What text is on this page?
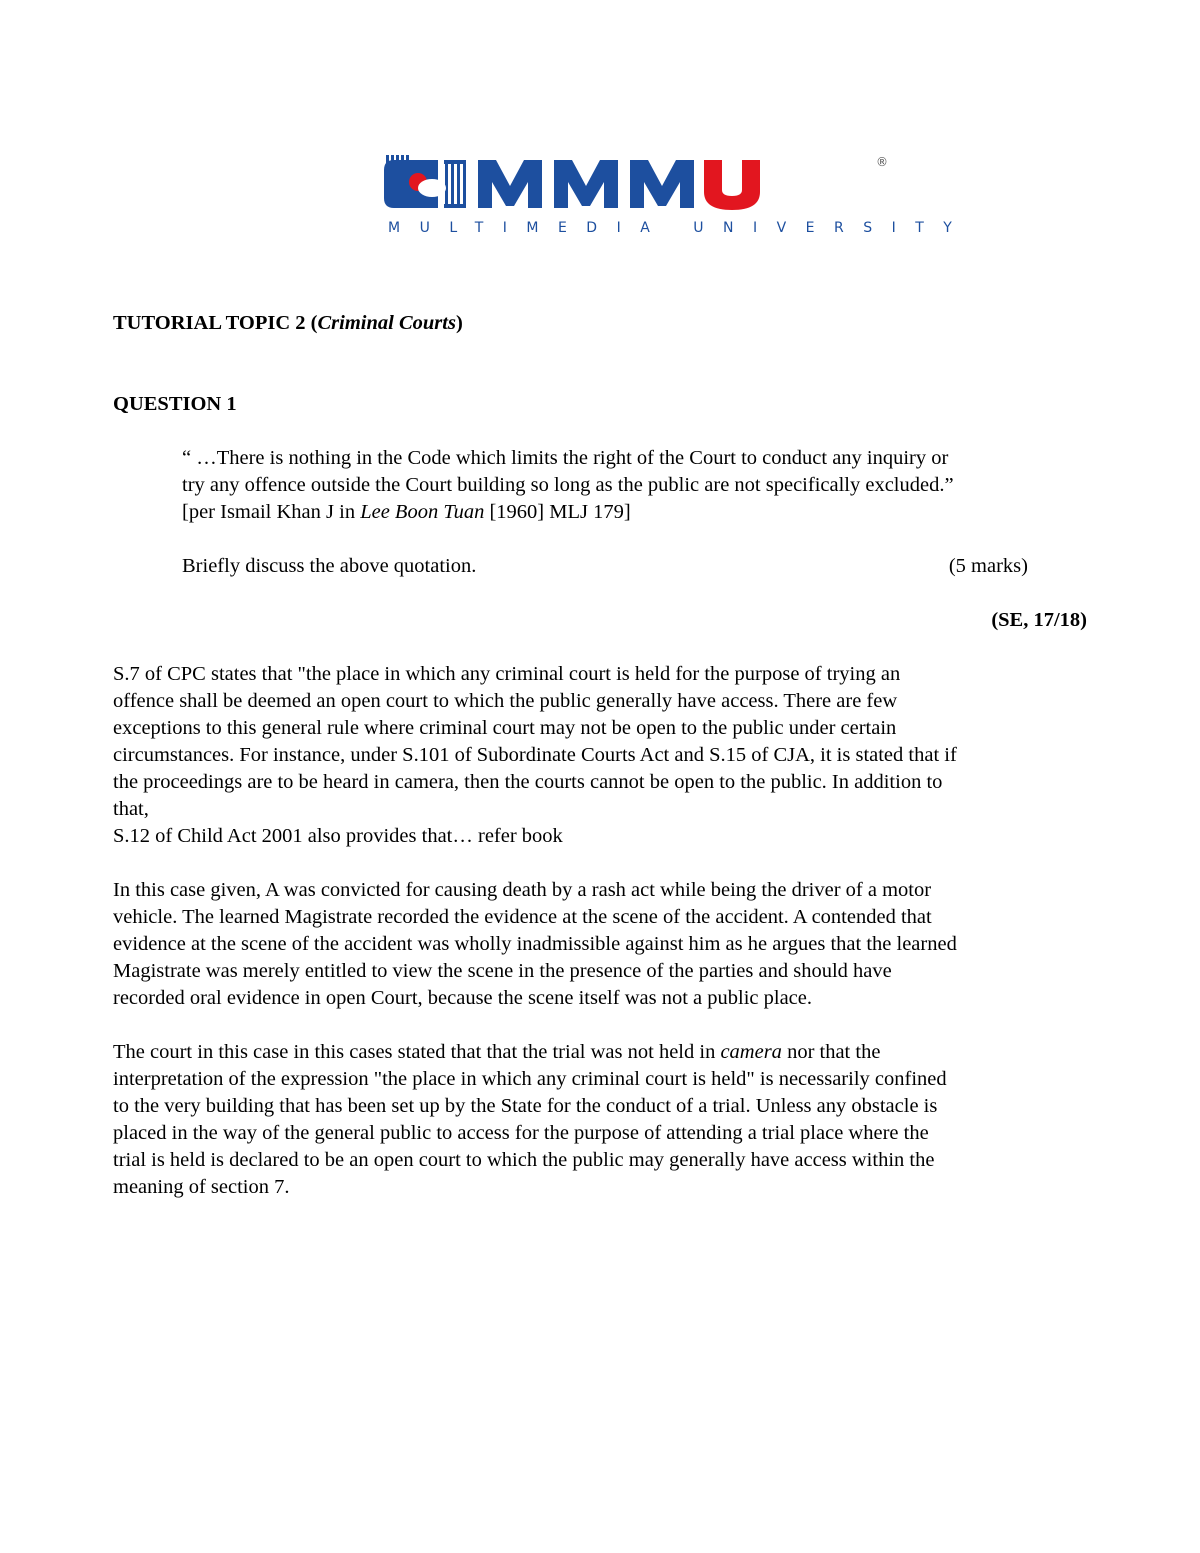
®
MULTIMEDIA UNIVERSITY

TUTORIAL TOPIC 2 (Criminal Courts)

QUESTION 1

“ …There is nothing in the Code which limits the right of the Court to conduct any inquiry or

try any offence outside the Court building so long as the public are not specifically excluded.”

[per Ismail Khan J in Lee Boon Tuan [1960] MLJ 179]

Briefly discuss the above quotation.	(5 marks)
(SE, 17/18)

S.7 of CPC states that "the place in which any criminal court is held for the purpose of trying an

offence shall be deemed an open court to which the public generally have access. There are few

exceptions to this general rule where criminal court may not be open to the public under certain

circumstances. For instance, under S.101 of Subordinate Courts Act and S.15 of CJA, it is stated that if

the proceedings are to be heard in camera, then the courts cannot be open to the public. In addition to

that,

S.12 of Child Act 2001 also provides that… refer book

In this case given, A was convicted for causing death by a rash act while being the driver of a motor

vehicle. The learned Magistrate recorded the evidence at the scene of the accident. A contended that

evidence at the scene of the accident was wholly inadmissible against him as he argues that the learned

Magistrate was merely entitled to view the scene in the presence of the parties and should have

recorded oral evidence in open Court, because the scene itself was not a public place.

The court in this case in this cases stated that that the trial was not held in camera nor that the

interpretation of the expression "the place in which any criminal court is held" is necessarily confined

to the very building that has been set up by the State for the conduct of a trial. Unless any obstacle is

placed in the way of the general public to access for the purpose of attending a trial place where the

trial is held is declared to be an open court to which the public may generally have access within the

meaning of section 7.
